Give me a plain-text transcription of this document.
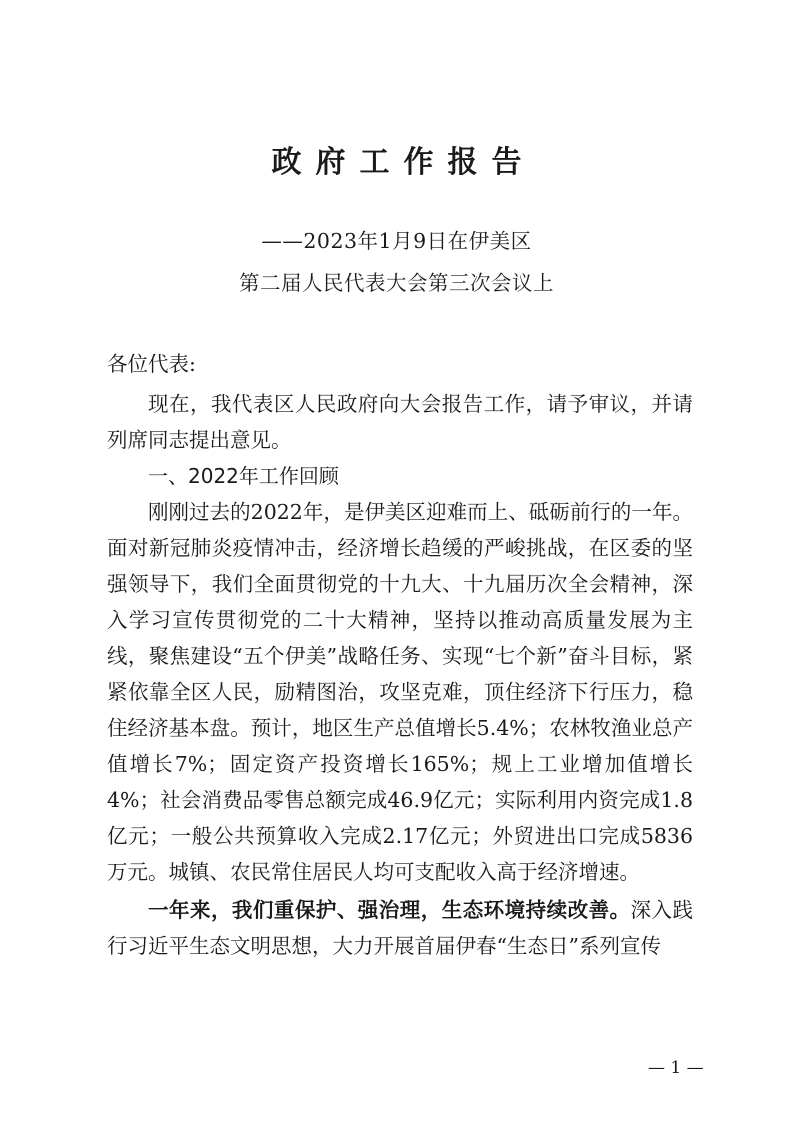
政府工作报告
——2023年1月9日在伊美区
第二届人民代表大会第三次会议上
各位代表:
现在，我代表区人民政府向大会报告工作，请予审议，并请列席同志提出意见。
一、2022年工作回顾
刚刚过去的2022年，是伊美区迎难而上、砥砺前行的一年。面对新冠肺炎疫情冲击，经济增长趋缓的严峻挑战，在区委的坚强领导下，我们全面贯彻党的十九大、十九届历次全会精神，深入学习宣传贯彻党的二十大精神，坚持以推动高质量发展为主线，聚焦建设“五个伊美”战略任务、实现“七个新”奋斗目标，紧紧依靠全区人民，励精图治，攻坚克难，顶住经济下行压力，稳住经济基本盘。预计，地区生产总值增长5.4%；农林牧渔业总产值增长7%；固定资产投资增长165%；规上工业增加值增长4%；社会消费品零售总额完成46.9亿元；实际利用内资完成1.8亿元；一般公共预算收入完成2.17亿元；外贸进出口完成5836万元。城镇、农民常住居民人均可支配收入高于经济增速。
一年来，我们重保护、强治理，生态环境持续改善。深入践行习近平生态文明思想，大力开展首届伊春“生态日”系列宣传
— 1 —
